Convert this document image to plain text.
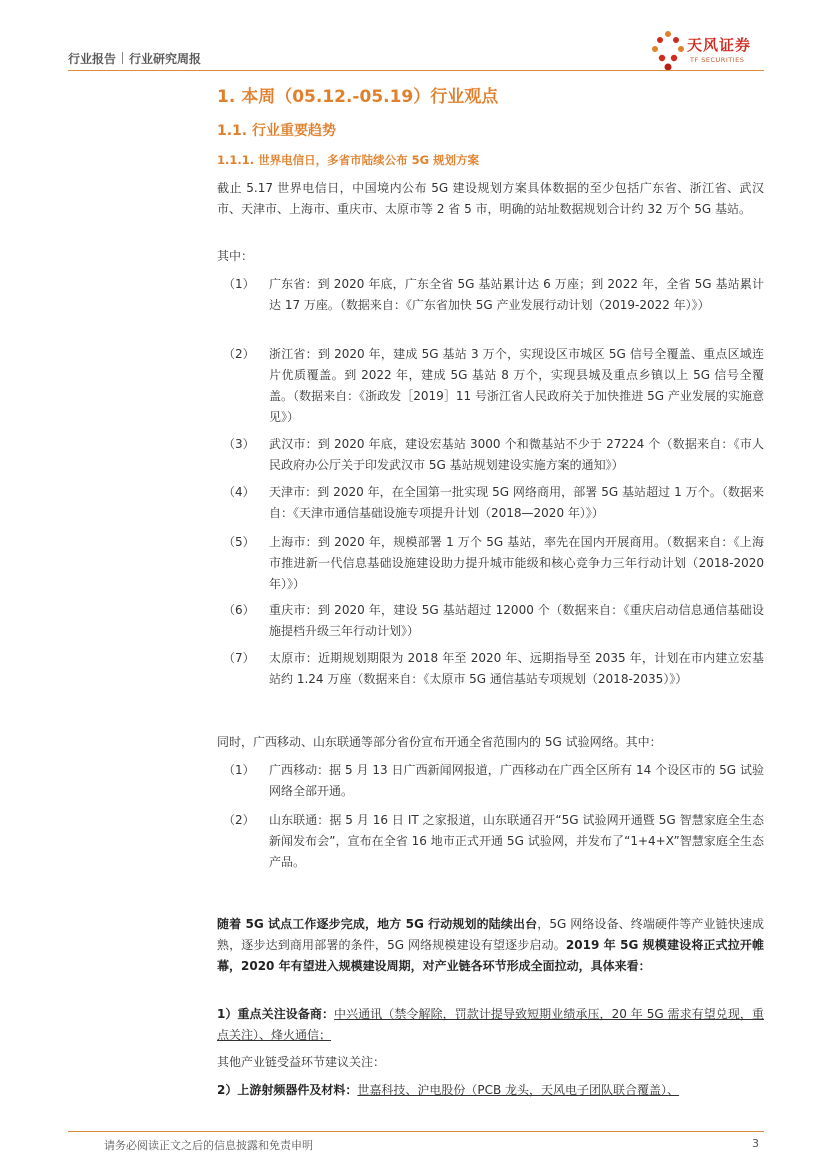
行业报告 行业研究周报
天风证券
TF SECURITIES
1. 本周（05.12.-05.19）行业观点
1.1. 行业重要趋势
1.1.1. 世界电信日，多省市陆续公布 5G 规划方案
截止 5.17 世界电信日，中国境内公布 5G 建设规划方案具体数据的至少包括广东省、浙江省、武汉市、天津市、上海市、重庆市、太原市等 2 省 5 市，明确的站址数据规划合计约 32 万个 5G 基站。
其中：
（1）	广东省：到 2020 年底，广东全省 5G 基站累计达 6 万座；到 2022 年，全省 5G 基站累计达 17 万座。（数据来自：《广东省加快 5G 产业发展行动计划（2019-2022 年）》）
（2）	浙江省：到 2020 年，建成 5G 基站 3 万个，实现设区市城区 5G 信号全覆盖、重点区域连片优质覆盖。到 2022 年，建成 5G 基站 8 万个，实现县城及重点乡镇以上 5G 信号全覆盖。（数据来自：《浙政发［2019］11 号浙江省人民政府关于加快推进 5G 产业发展的实施意见》）
（3）	武汉市：到 2020 年底，建设宏基站 3000 个和微基站不少于 27224 个（数据来自：《市人民政府办公厅关于印发武汉市 5G 基站规划建设实施方案的通知》）
（4）	天津市：到 2020 年，在全国第一批实现 5G 网络商用，部署 5G 基站超过 1 万个。（数据来自：《天津市通信基础设施专项提升计划（2018—2020 年）》）
（5）	上海市：到 2020 年，规模部署 1 万个 5G 基站，率先在国内开展商用。（数据来自：《上海市推进新一代信息基础设施建设助力提升城市能级和核心竞争力三年行动计划（2018-2020 年）》）
（6）	重庆市：到 2020 年，建设 5G 基站超过 12000 个（数据来自：《重庆启动信息通信基础设施提档升级三年行动计划》）
（7）	太原市：近期规划期限为 2018 年至 2020 年、远期指导至 2035 年，计划在市内建立宏基站约 1.24 万座（数据来自：《太原市 5G 通信基站专项规划（2018-2035）》）
同时，广西移动、山东联通等部分省份宣布开通全省范围内的 5G 试验网络。其中：
（1）	广西移动：据 5 月 13 日广西新闻网报道，广西移动在广西全区所有 14 个设区市的 5G 试验网络全部开通。
（2）	山东联通：据 5 月 16 日 IT 之家报道，山东联通召开“5G 试验网开通暨 5G 智慧家庭全生态新闻发布会”，宣布在全省 16 地市正式开通 5G 试验网，并发布了“1+4+X”智慧家庭全生态产品。
随着 5G 试点工作逐步完成，地方 5G 行动规划的陆续出台，5G 网络设备、终端硬件等产业链快速成熟，逐步达到商用部署的条件，5G 网络规模建设有望逐步启动。2019 年 5G 规模建设将正式拉开帷幕，2020 年有望进入规模建设周期，对产业链各环节形成全面拉动，具体来看：
1）重点关注设备商：中兴通讯（禁令解除，罚款计提导致短期业绩承压，20 年 5G 需求有望兑现，重点关注）、烽火通信；
其他产业链受益环节建议关注：
2）上游射频器件及材料：世嘉科技、沪电股份（PCB 龙头，天风电子团队联合覆盖）、
请务必阅读正文之后的信息披露和免责申明	3
